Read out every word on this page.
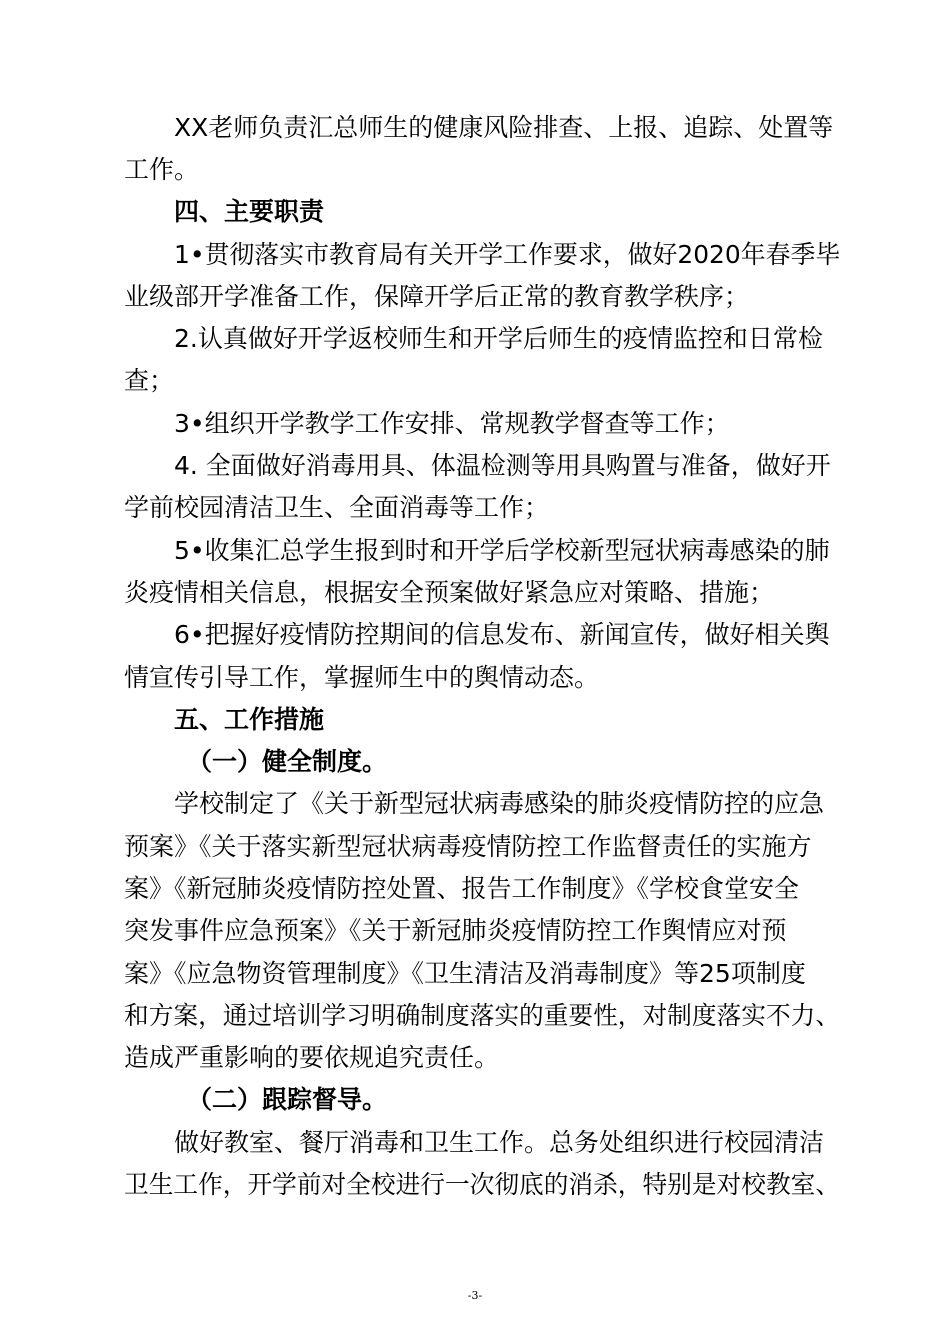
XX老师负责汇总师生的健康风险排查、上报、追踪、处置等
工作。
四、主要职责
1•贯彻落实市教育局有关开学工作要求，做好2020年春季毕
业级部开学准备工作，保障开学后正常的教育教学秩序；
2.认真做好开学返校师生和开学后师生的疫情监控和日常检
查；
3•组织开学教学工作安排、常规教学督查等工作；
4. 全面做好消毒用具、体温检测等用具购置与准备，做好开
学前校园清洁卫生、全面消毒等工作；
5•收集汇总学生报到时和开学后学校新型冠状病毒感染的肺
炎疫情相关信息，根据安全预案做好紧急应对策略、措施；
6•把握好疫情防控期间的信息发布、新闻宣传，做好相关舆
情宣传引导工作，掌握师生中的舆情动态。
五、工作措施
（一）健全制度。
学校制定了《关于新型冠状病毒感染的肺炎疫情防控的应急
预案》《关于落实新型冠状病毒疫情防控工作监督责任的实施方
案》《新冠肺炎疫情防控处置、报告工作制度》《学校食堂安全
突发事件应急预案》《关于新冠肺炎疫情防控工作舆情应对预
案》《应急物资管理制度》《卫生清洁及消毒制度》等25项制度
和方案，通过培训学习明确制度落实的重要性，对制度落实不力、
造成严重影响的要依规追究责任。
（二）跟踪督导。
做好教室、餐厅消毒和卫生工作。总务处组织进行校园清洁
卫生工作，开学前对全校进行一次彻底的消杀，特别是对校教室、
-3-
